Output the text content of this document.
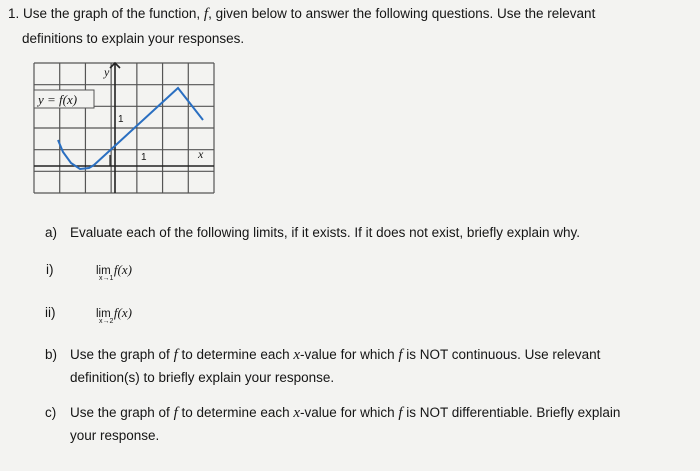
1. Use the graph of the function, f, given below to answer the following questions. Use the relevant
definitions to explain your responses.
y = f(x)
y
x
1
1
a) Evaluate each of the following limits, if it exists. If it does not exist, briefly explain why.
i)	lim f(x)
x→1
ii)	lim f(x)
x→2
b) Use the graph of f to determine each x-value for which f is NOT continuous. Use relevant
definition(s) to briefly explain your response.
c) Use the graph of f to determine each x-value for which f is NOT differentiable. Briefly explain
your response.
